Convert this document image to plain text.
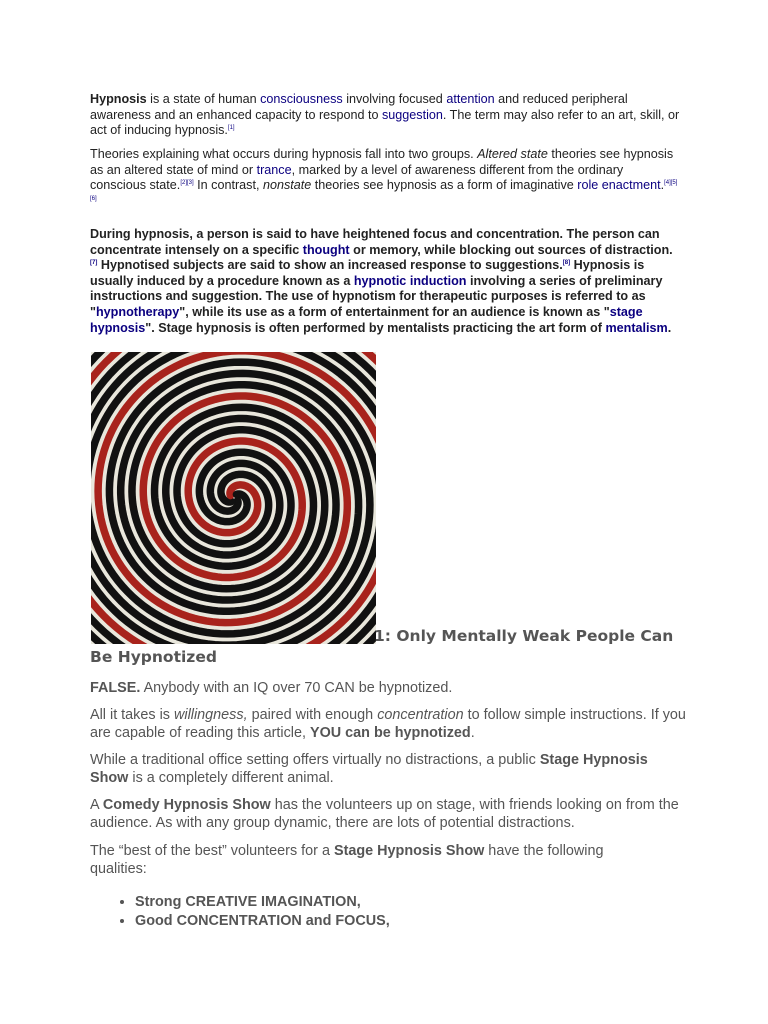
Hypnosis is a state of human consciousness involving focused attention and reduced peripheral awareness and an enhanced capacity to respond to suggestion. The term may also refer to an art, skill, or act of inducing hypnosis.[1]

Theories explaining what occurs during hypnosis fall into two groups. Altered state theories see hypnosis as an altered state of mind or trance, marked by a level of awareness different from the ordinary conscious state.[2][3] In contrast, nonstate theories see hypnosis as a form of imaginative role enactment.[4][5][6]

During hypnosis, a person is said to have heightened focus and concentration. The person can concentrate intensely on a specific thought or memory, while blocking out sources of distraction.[7] Hypnotised subjects are said to show an increased response to suggestions.[8] Hypnosis is usually induced by a procedure known as a hypnotic induction involving a series of preliminary instructions and suggestion. The use of hypnotism for therapeutic purposes is referred to as "hypnotherapy", while its use as a form of entertainment for an audience is known as "stage hypnosis". Stage hypnosis is often performed by mentalists practicing the art form of mentalism.

1: Only Mentally Weak People Can
Be Hypnotized

FALSE. Anybody with an IQ over 70 CAN be hypnotized.

All it takes is willingness, paired with enough concentration to follow simple instructions. If you are capable of reading this article, YOU can be hypnotized.

While a traditional office setting offers virtually no distractions, a public Stage Hypnosis Show is a completely different animal.

A Comedy Hypnosis Show has the volunteers up on stage, with friends looking on from the audience. As with any group dynamic, there are lots of potential distractions.

The “best of the best” volunteers for a Stage Hypnosis Show have the following qualities:

• Strong CREATIVE IMAGINATION,
• Good CONCENTRATION and FOCUS,
